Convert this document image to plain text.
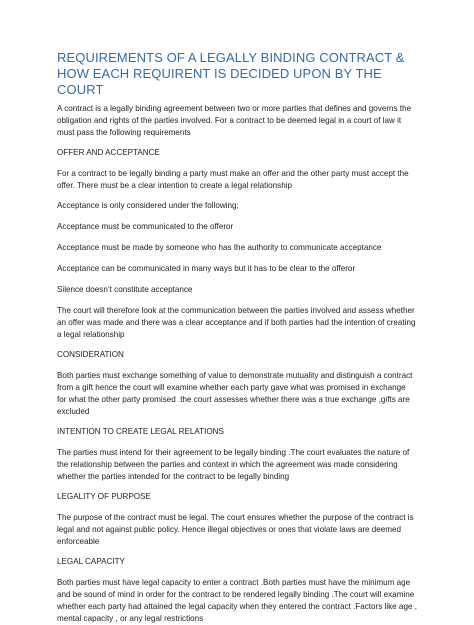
REQUIREMENTS OF A LEGALLY BINDING CONTRACT & HOW EACH REQUIRENT IS DECIDED UPON BY THE COURT

A contract is a legally binding agreement between two or more parties that defines and governs the obligation and rights of the parties involved. For a contract to be deemed legal in a court of law it must pass the following requirements

OFFER AND ACCEPTANCE

For a contract to be legally binding a party must make an offer and the other party must accept the offer. There must be a clear intention to create a legal relationship

Acceptance is only considered under the following;

Acceptance must be communicated to the offeror

Acceptance must be made by someone who has the authority to communicate acceptance

Acceptance can be communicated in many ways but it has to be clear to the offeror

Silence doesn’t constitute acceptance

The court will therefore look at the communication between the parties involved and assess whether an offer was made and there was a clear acceptance and if both parties had the intention of creating a legal relationship

CONSIDERATION

Both parties must exchange something of value to demonstrate mutuality and distinguish a contract from a gift hence the court will examine whether each party gave what was promised in exchange for what the other party promised .the court assesses whether there was a true exchange ,gifts are excluded

INTENTION TO CREATE LEGAL RELATIONS

The parties must intend for their agreement to be legally binding .The court evaluates the nature of the relationship between the parties and context in which the agreement was made considering whether the parties intended for the contract to be legally binding

LEGALITY OF PURPOSE

The purpose of the contract must be legal. The court ensures whether the purpose of the contract is legal and not against public policy. Hence illegal objectives or ones that violate laws are deemed enforceable

LEGAL CAPACITY

Both parties must have legal capacity to enter a contract .Both parties must have the minimum age and be sound of mind in order for the contract to be rendered legally binding .The court will examine whether each party had attained the legal capacity when they entered the contract .Factors like age , mental capacity , or any legal restrictions
